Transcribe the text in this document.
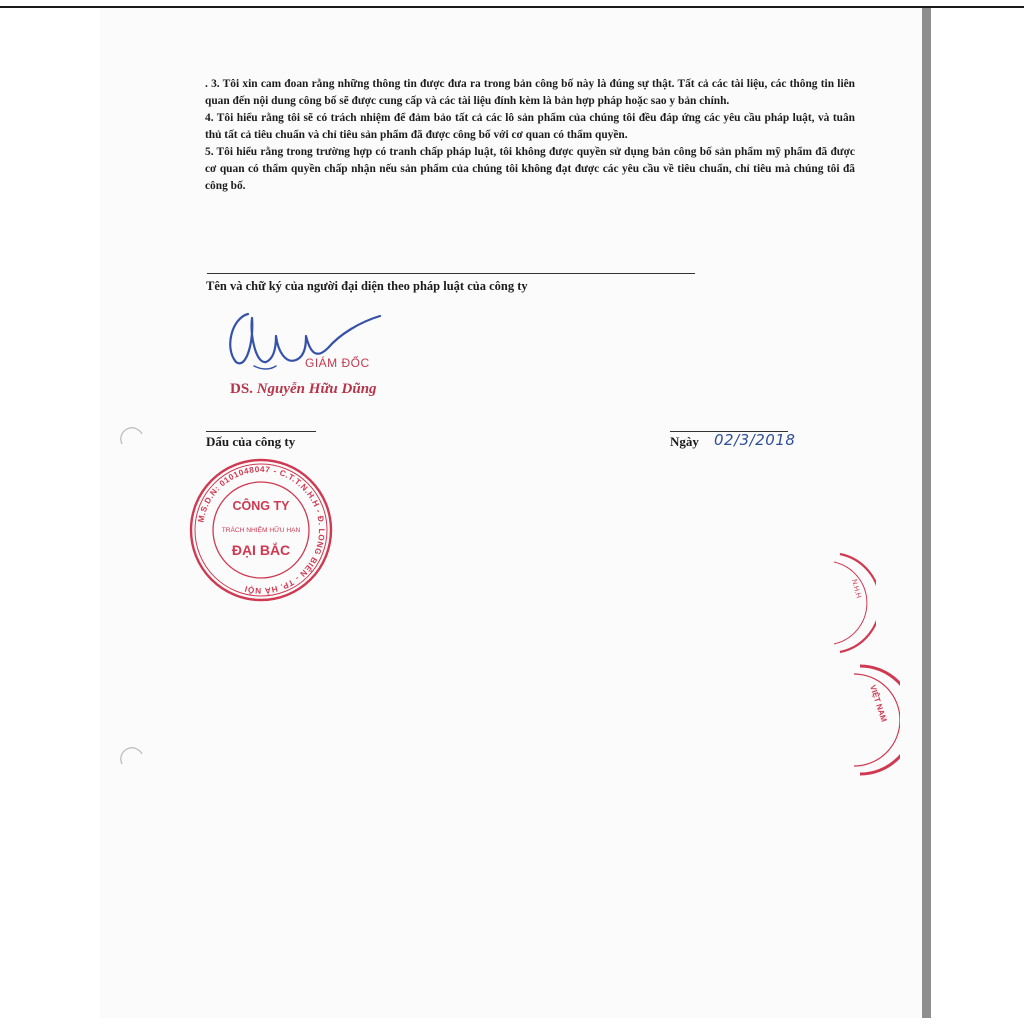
. 3. Tôi xin cam đoan rằng những thông tin được đưa ra trong bản công bố này là đúng sự thật. Tất cả các tài liệu, các thông tin liên quan đến nội dung công bố sẽ được cung cấp và các tài liệu đính kèm là bản hợp pháp hoặc sao y bản chính.

4. Tôi hiểu rằng tôi sẽ có trách nhiệm để đảm bảo tất cả các lô sản phẩm của chúng tôi đều đáp ứng các yêu cầu pháp luật, và tuân thủ tất cả tiêu chuẩn và chỉ tiêu sản phẩm đã được công bố với cơ quan có thẩm quyền.

5. Tôi hiểu rằng trong trường hợp có tranh chấp pháp luật, tôi không được quyền sử dụng bản công bố sản phẩm mỹ phẩm đã được cơ quan có thẩm quyền chấp nhận nếu sản phẩm của chúng tôi không đạt được các yêu cầu về tiêu chuẩn, chỉ tiêu mà chúng tôi đã công bố.

Tên và chữ ký của người đại diện theo pháp luật của công ty
GIÁM ĐỐC
DS. Nguyễn Hữu Dũng
Dấu của công ty	Ngày 02/3/2018
M.S.D.N: 0101048047 - C.T.T.N.H.H - Đ. LONG BIÊN - TP. HÀ NỘI
CÔNG TY
TRÁCH NHIỆM HỮU HẠN
ĐẠI BẮC
N.H.H
VIỆT NAM
